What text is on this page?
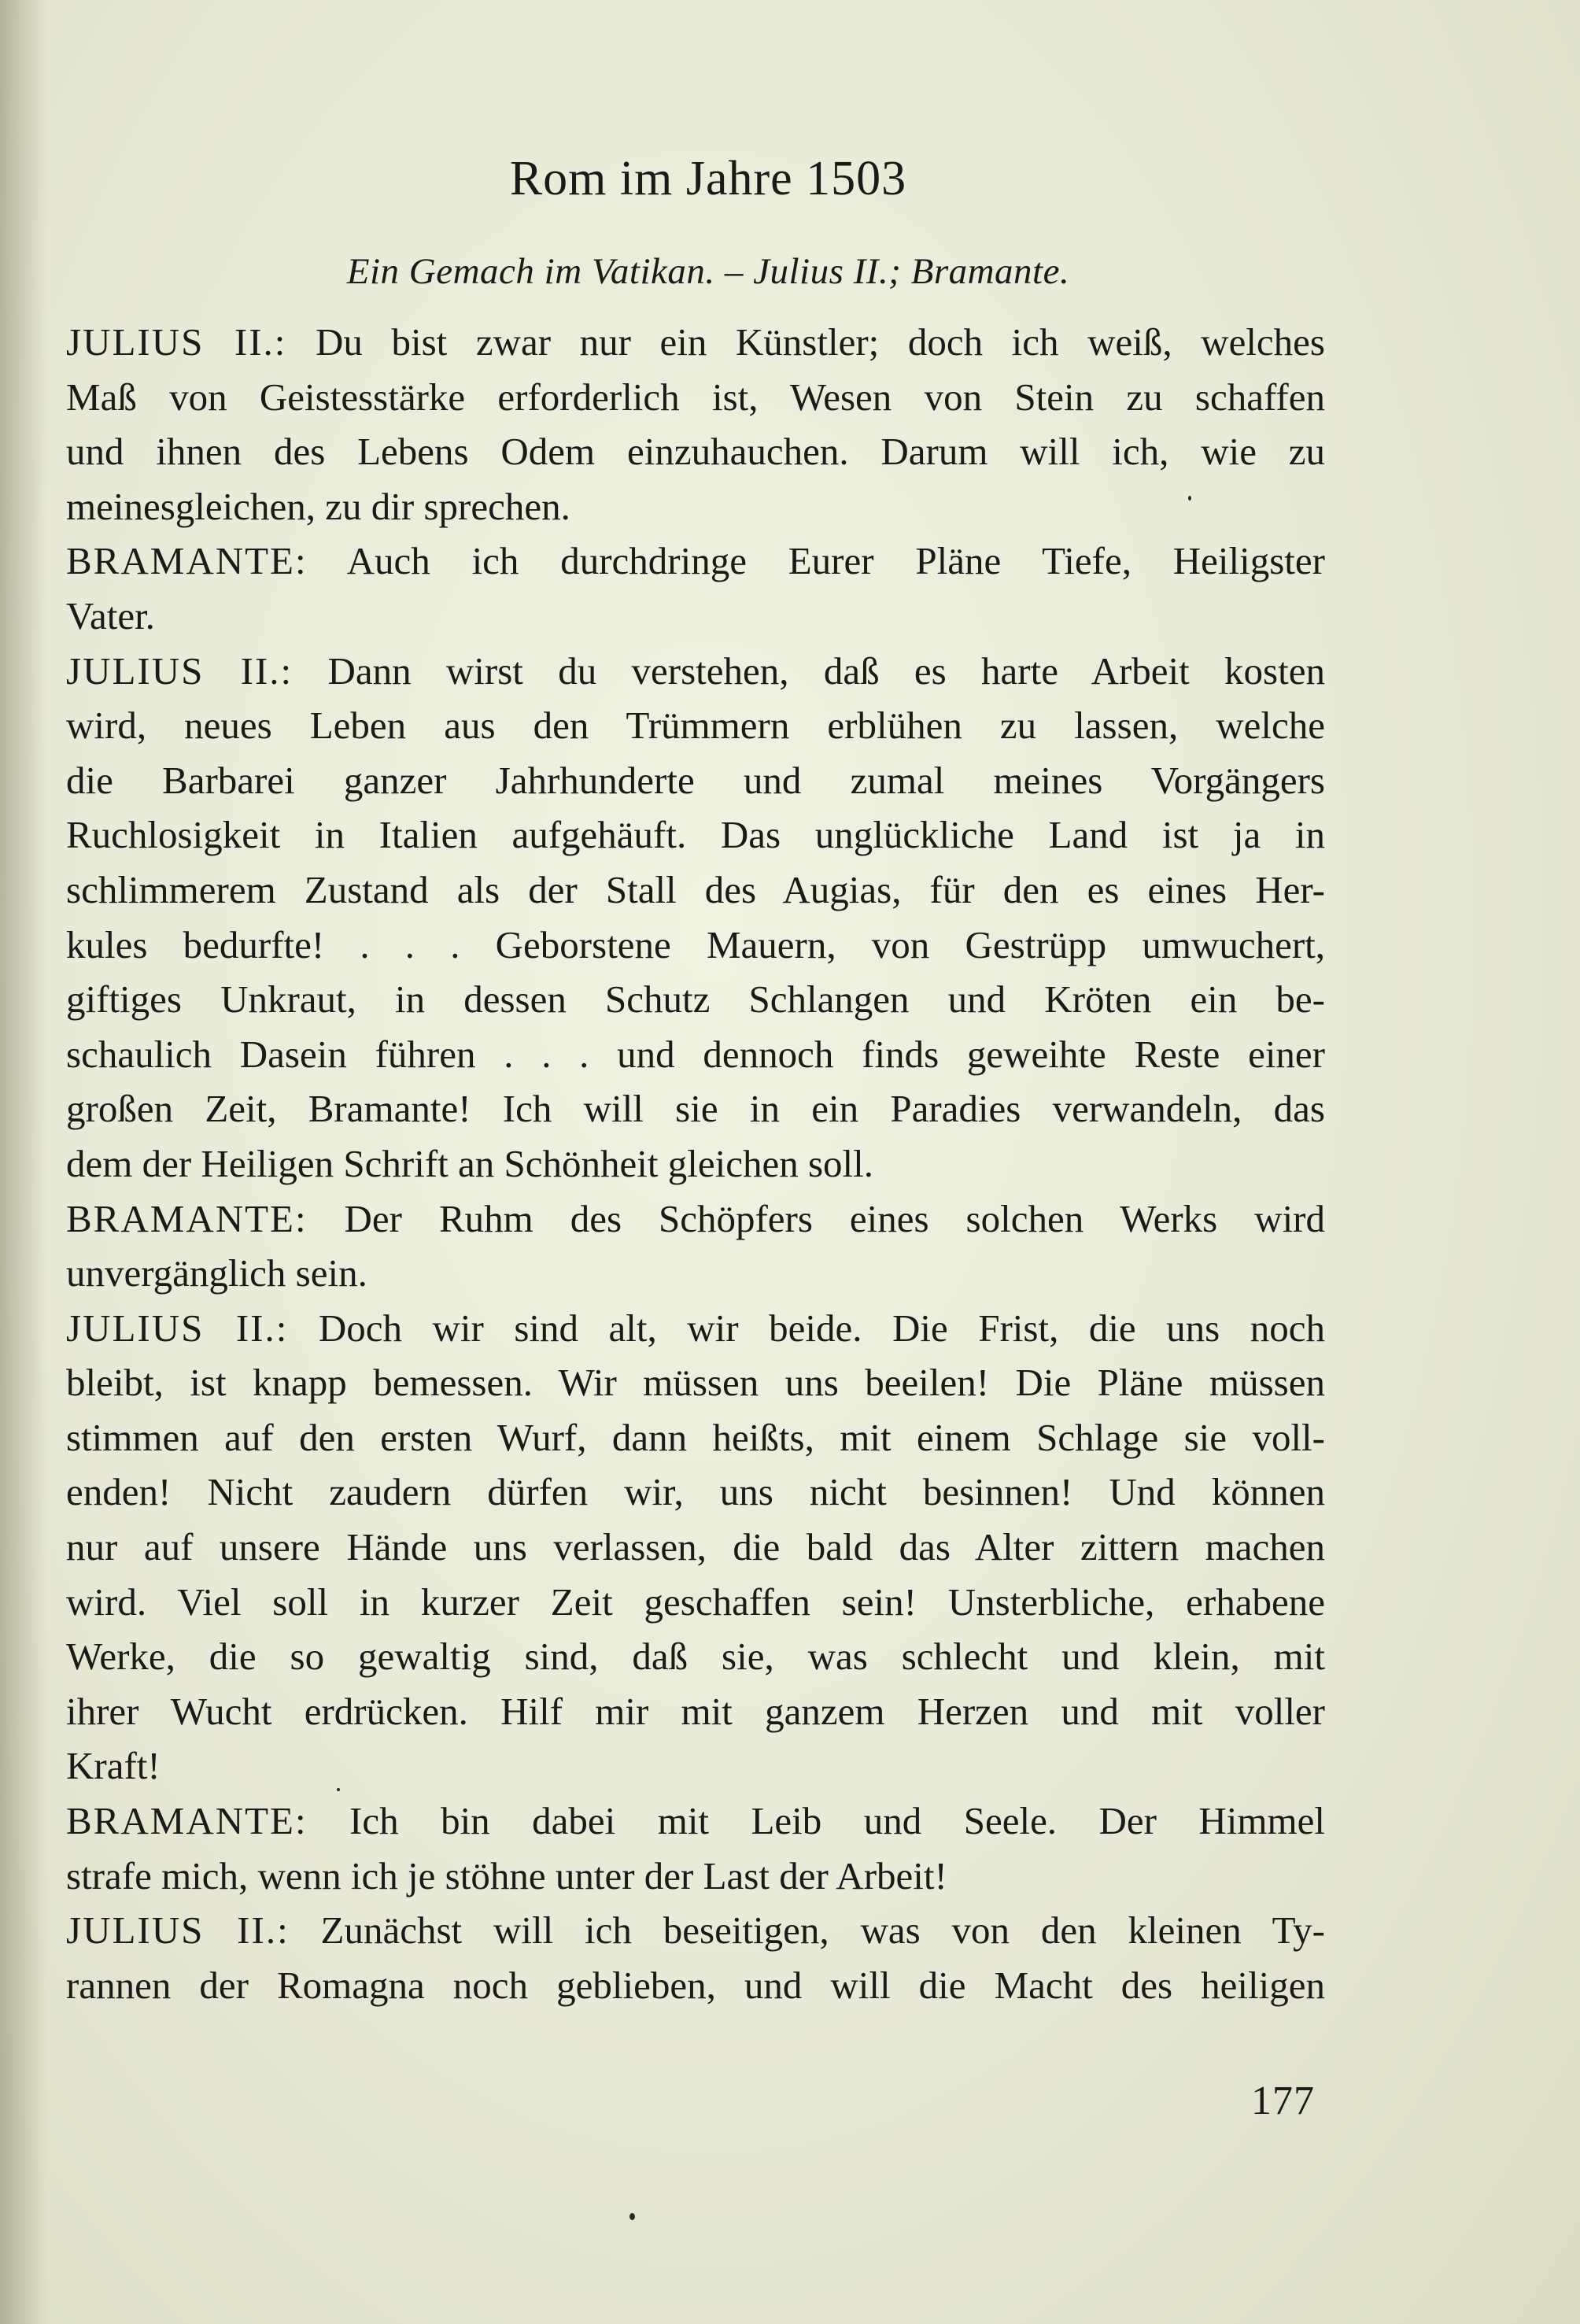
Rom im Jahre 1503
Ein Gemach im Vatikan. – Julius II.; Bramante.
JULIUS II.: Du bist zwar nur ein Künstler; doch ich weiß, welches
Maß von Geistesstärke erforderlich ist, Wesen von Stein zu schaffen
und ihnen des Lebens Odem einzuhauchen. Darum will ich, wie zu
meinesgleichen, zu dir sprechen.
BRAMANTE: Auch ich durchdringe Eurer Pläne Tiefe, Heiligster
Vater.
JULIUS II.: Dann wirst du verstehen, daß es harte Arbeit kosten
wird, neues Leben aus den Trümmern erblühen zu lassen, welche
die Barbarei ganzer Jahrhunderte und zumal meines Vorgängers
Ruchlosigkeit in Italien aufgehäuft. Das unglückliche Land ist ja in
schlimmerem Zustand als der Stall des Augias, für den es eines Her-
kules bedurfte! . . . Geborstene Mauern, von Gestrüpp umwuchert,
giftiges Unkraut, in dessen Schutz Schlangen und Kröten ein be-
schaulich Dasein führen . . . und dennoch finds geweihte Reste einer
großen Zeit, Bramante! Ich will sie in ein Paradies verwandeln, das
dem der Heiligen Schrift an Schönheit gleichen soll.
BRAMANTE: Der Ruhm des Schöpfers eines solchen Werks wird
unvergänglich sein.
JULIUS II.: Doch wir sind alt, wir beide. Die Frist, die uns noch
bleibt, ist knapp bemessen. Wir müssen uns beeilen! Die Pläne müssen
stimmen auf den ersten Wurf, dann heißts, mit einem Schlage sie voll-
enden! Nicht zaudern dürfen wir, uns nicht besinnen! Und können
nur auf unsere Hände uns verlassen, die bald das Alter zittern machen
wird. Viel soll in kurzer Zeit geschaffen sein! Unsterbliche, erhabene
Werke, die so gewaltig sind, daß sie, was schlecht und klein, mit
ihrer Wucht erdrücken. Hilf mir mit ganzem Herzen und mit voller
Kraft!
BRAMANTE: Ich bin dabei mit Leib und Seele. Der Himmel
strafe mich, wenn ich je stöhne unter der Last der Arbeit!
JULIUS II.: Zunächst will ich beseitigen, was von den kleinen Ty-
rannen der Romagna noch geblieben, und will die Macht des heiligen
177
